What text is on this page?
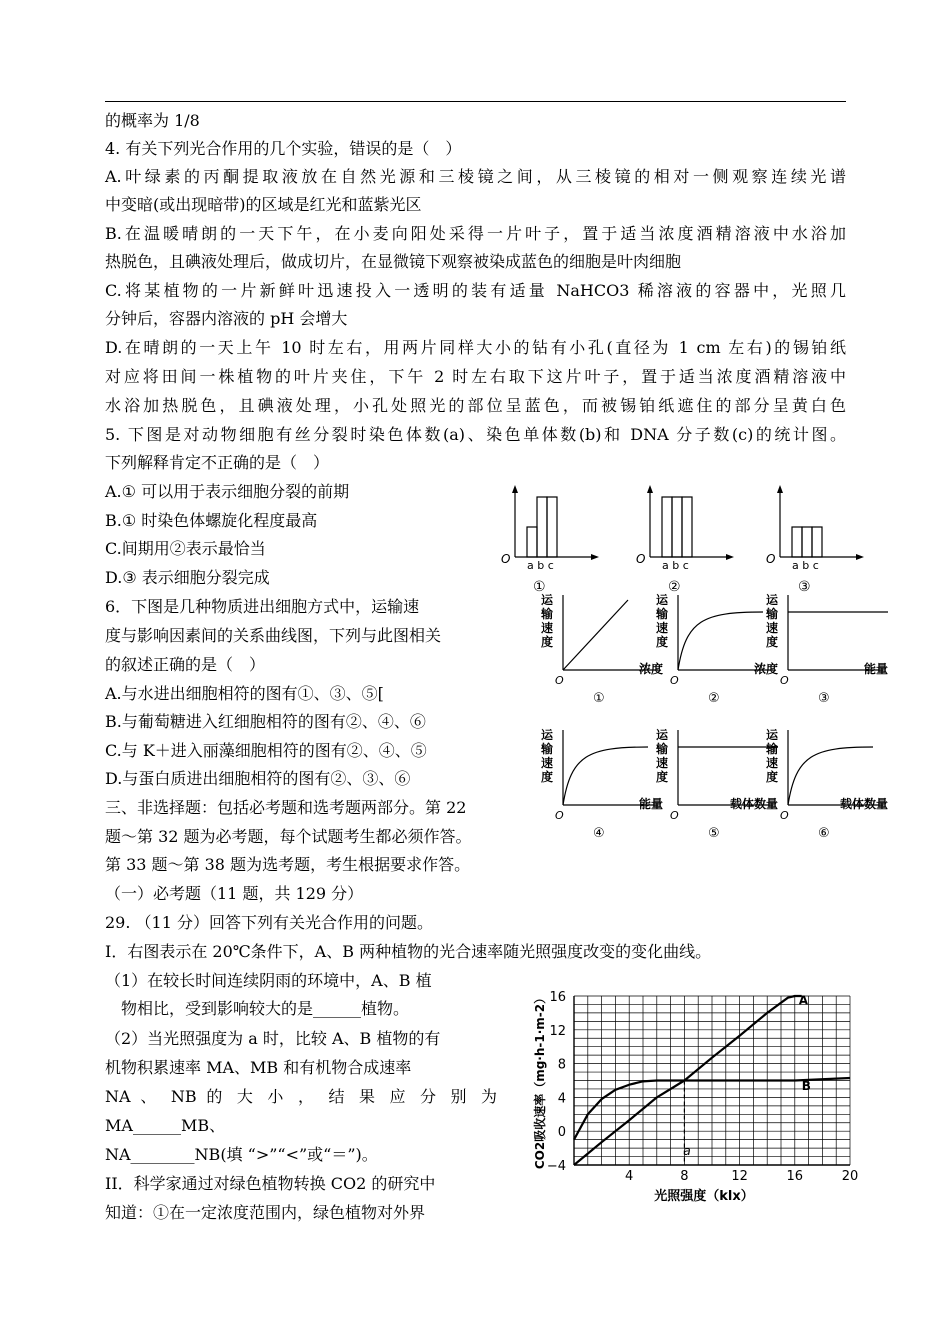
的概率为 1/8
4. 有关下列光合作用的几个实验，错误的是（　）
A.叶绿素的丙酮提取液放在自然光源和三棱镜之间，从三棱镜的相对一侧观察连续光谱
中变暗(或出现暗带)的区域是红光和蓝紫光区
B.在温暖晴朗的一天下午，在小麦向阳处采得一片叶子，置于适当浓度酒精溶液中水浴加
热脱色，且碘液处理后，做成切片，在显微镜下观察被染成蓝色的细胞是叶肉细胞
C.将某植物的一片新鲜叶迅速投入一透明的装有适量 NaHCO3 稀溶液的容器中，光照几
分钟后，容器内溶液的 pH 会增大
D.在晴朗的一天上午 10 时左右，用两片同样大小的钻有小孔(直径为 1 cm 左右)的锡铂纸
对应将田间一株植物的叶片夹住，下午 2 时左右取下这片叶子，置于适当浓度酒精溶液中
水浴加热脱色，且碘液处理，小孔处照光的部位呈蓝色，而被锡铂纸遮住的部分呈黄白色
5. 下图是对动物细胞有丝分裂时染色体数(a)、染色单体数(b)和 DNA 分子数(c)的统计图。
下列解释肯定不正确的是（　）
A.① 可以用于表示细胞分裂的前期
B.① 时染色体螺旋化程度最高
C.间期用②表示最恰当
D.③ 表示细胞分裂完成
6．下图是几种物质进出细胞方式中，运输速
度与影响因素间的关系曲线图，下列与此图相关
的叙述正确的是（　）
A.与水进出细胞相符的图有①、③、⑤[
B.与葡萄糖进入红细胞相符的图有②、④、⑥
C.与 K＋进入丽藻细胞相符的图有②、④、⑤
D.与蛋白质进出细胞相符的图有②、③、⑥
三、非选择题：包括必考题和选考题两部分。第 22
题～第 32 题为必考题，每个试题考生都必须作答。
第 33 题～第 38 题为选考题，考生根据要求作答。
（一）必考题（11 题，共 129 分）
29. （11 分）回答下列有关光合作用的问题。
I．右图表示在 20℃条件下，A、B 两种植物的光合速率随光照强度改变的变化曲线。
（1）在较长时间连续阴雨的环境中，A、B 植
　物相比，受到影响较大的是______植物。
（2）当光照强度为 a 时，比较 A、B 植物的有
机物积累速率 MA、MB 和有机物合成速率
NA 、 NB 的 大 小 ， 结 果 应 分 别 为
MA______MB、
NA________NB(填 “>”“<”或“＝”)。
II．科学家通过对绿色植物转换 CO2 的研究中
知道：①在一定浓度范围内，绿色植物对外界
O a b c
①
O a b c
②
O a b c
③
运
输
速
度
O
浓度
①
运
输
速
度
O
浓度
②
运
输
速
度
O
能量
③
运
输
速
度
O
能量
④
运
输
速
度
O
载体数量
⑤
运
输
速
度
O
载体数量
⑥
−4
0
4
8
12
16
4	8	12	16	20
光照强度（klx）
CO2吸收速率（mg·h-1·m-2）	A
B
a
